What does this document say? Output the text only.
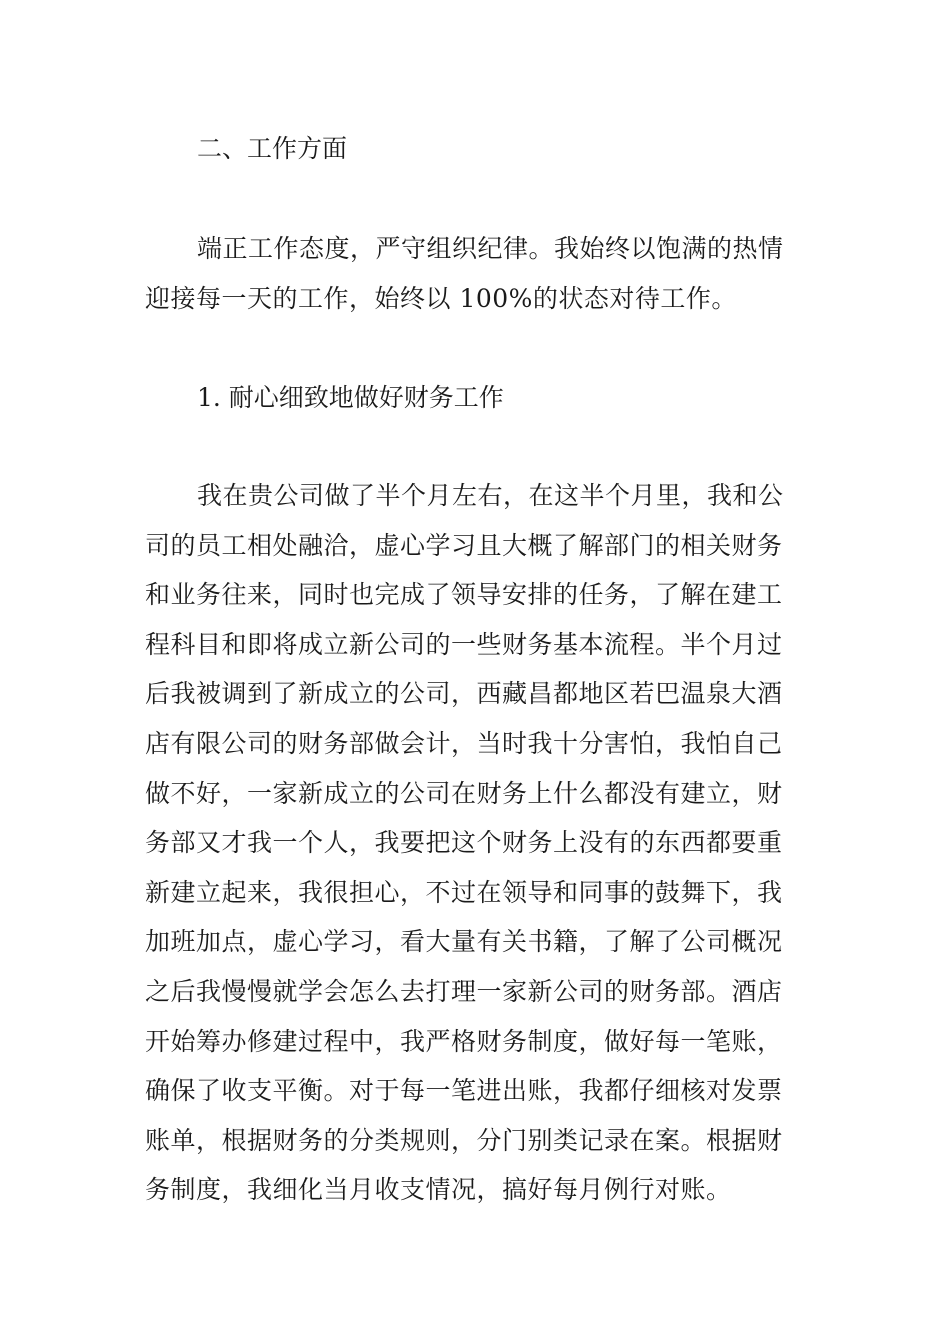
二、工作方面

端正工作态度，严守组织纪律。我始终以饱满的热情
迎接每一天的工作，始终以 100%的状态对待工作。

1. 耐心细致地做好财务工作

我在贵公司做了半个月左右，在这半个月里，我和公
司的员工相处融洽，虚心学习且大概了解部门的相关财务
和业务往来，同时也完成了领导安排的任务，了解在建工
程科目和即将成立新公司的一些财务基本流程。半个月过
后我被调到了新成立的公司，西藏昌都地区若巴温泉大酒
店有限公司的财务部做会计，当时我十分害怕，我怕自己
做不好，一家新成立的公司在财务上什么都没有建立，财
务部又才我一个人，我要把这个财务上没有的东西都要重
新建立起来，我很担心，不过在领导和同事的鼓舞下，我
加班加点，虚心学习，看大量有关书籍，了解了公司概况
之后我慢慢就学会怎么去打理一家新公司的财务部。酒店
开始筹办修建过程中，我严格财务制度，做好每一笔账，
确保了收支平衡。对于每一笔进出账，我都仔细核对发票
账单，根据财务的分类规则，分门别类记录在案。根据财
务制度，我细化当月收支情况，搞好每月例行对账。
